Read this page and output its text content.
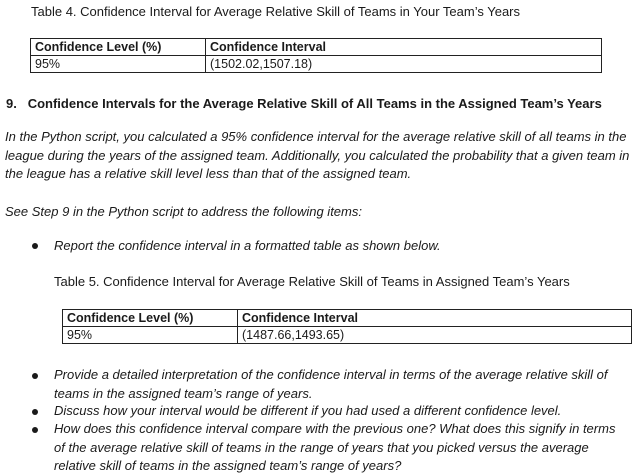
Table 4. Confidence Interval for Average Relative Skill of Teams in Your Team’s Years
Confidence Level (%)	Confidence Interval
95%	(1502.02,1507.18)
9. Confidence Intervals for the Average Relative Skill of All Teams in the Assigned Team’s Years
In the Python script, you calculated a 95% confidence interval for the average relative skill of all teams in the league during the years of the assigned team. Additionally, you calculated the probability that a given team in the league has a relative skill level less than that of the assigned team.
See Step 9 in the Python script to address the following items:
Report the confidence interval in a formatted table as shown below.
Table 5. Confidence Interval for Average Relative Skill of Teams in Assigned Team’s Years
Confidence Level (%)	Confidence Interval
95%	(1487.66,1493.65)
Provide a detailed interpretation of the confidence interval in terms of the average relative skill of teams in the assigned team’s range of years.
Discuss how your interval would be different if you had used a different confidence level.
How does this confidence interval compare with the previous one? What does this signify in terms of the average relative skill of teams in the range of years that you picked versus the average relative skill of teams in the assigned team’s range of years?
